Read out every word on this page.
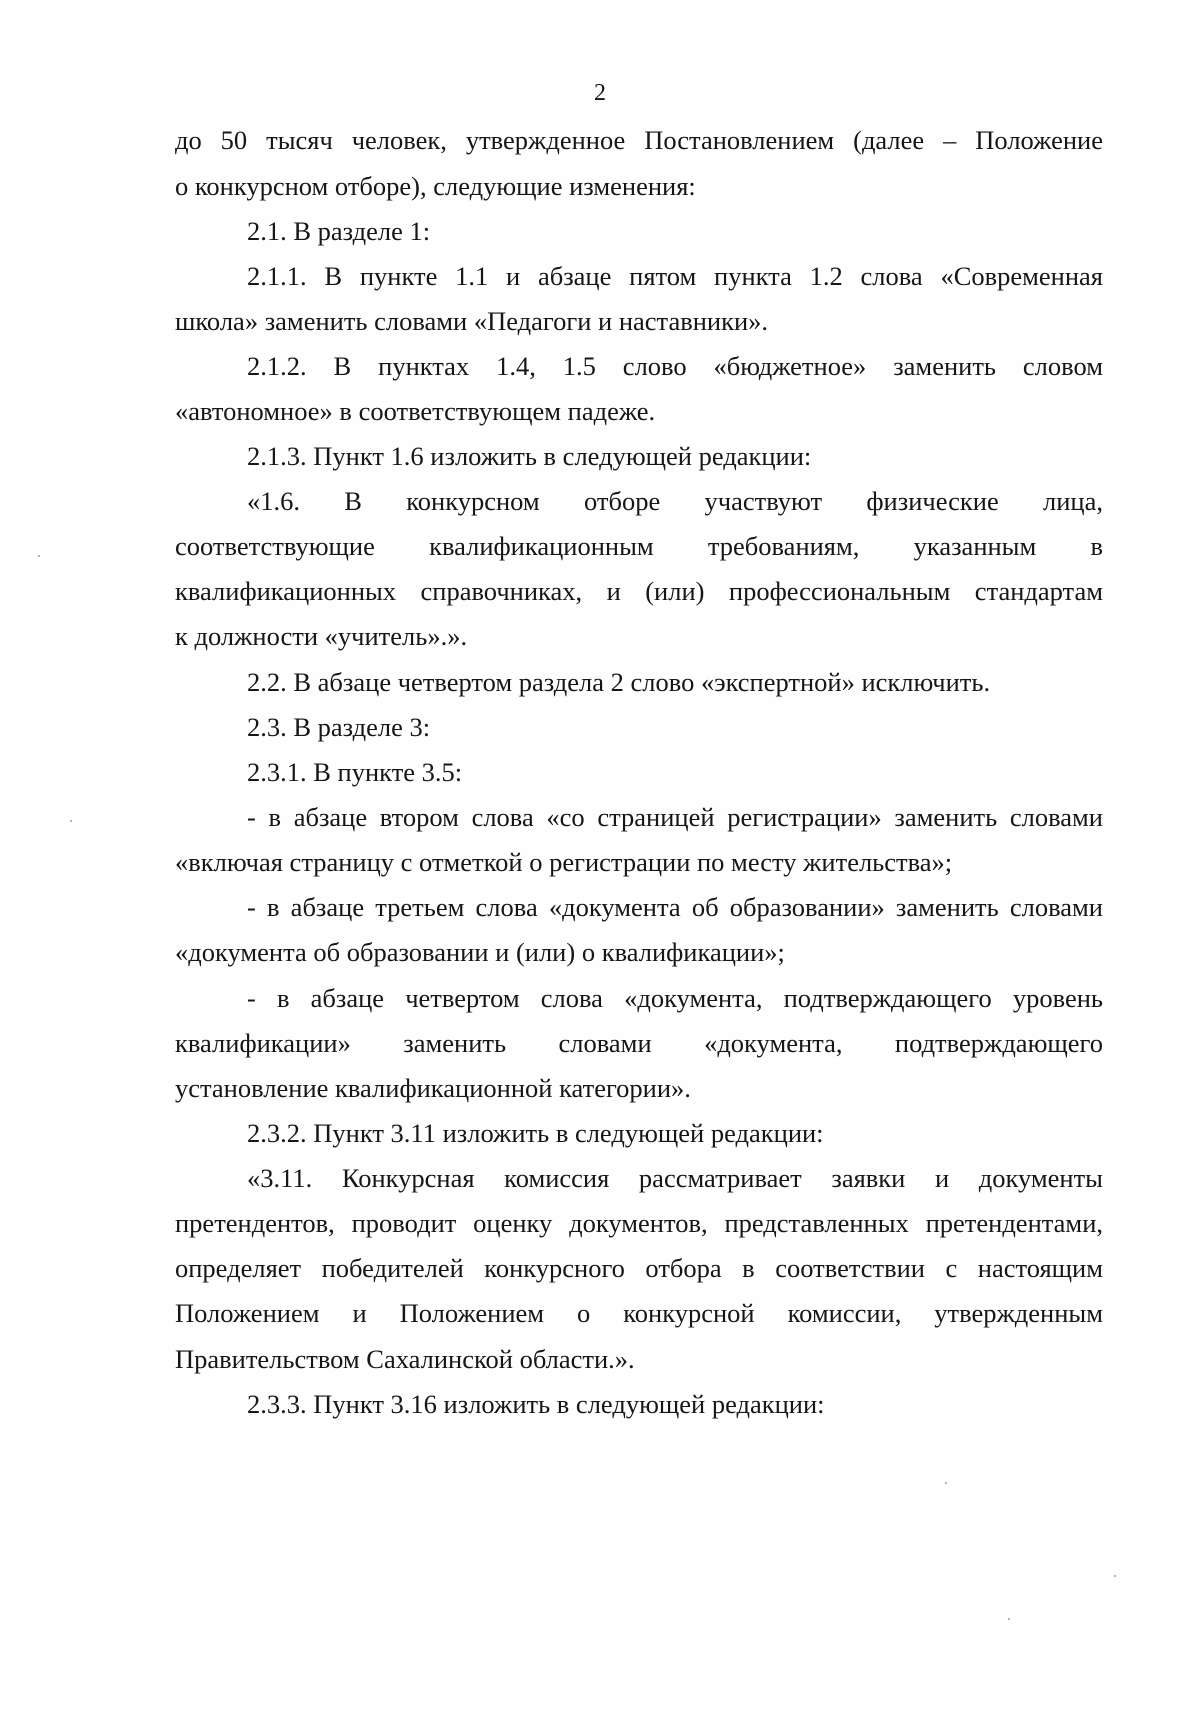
2
до 50 тысяч человек, утвержденное Постановлением (далее – Положение
о конкурсном отборе), следующие изменения:
2.1. В разделе 1:
2.1.1. В пункте 1.1 и абзаце пятом пункта 1.2 слова «Современная
школа» заменить словами «Педагоги и наставники».
2.1.2. В пунктах 1.4, 1.5 слово «бюджетное» заменить словом
«автономное» в соответствующем падеже.
2.1.3. Пункт 1.6 изложить в следующей редакции:
«1.6. В конкурсном отборе участвуют физические лица,
соответствующие квалификационным требованиям, указанным в
квалификационных справочниках, и (или) профессиональным стандартам
к должности «учитель».».
2.2. В абзаце четвертом раздела 2 слово «экспертной» исключить.
2.3. В разделе 3:
2.3.1. В пункте 3.5:
- в абзаце втором слова «со страницей регистрации» заменить словами
«включая страницу с отметкой о регистрации по месту жительства»;
- в абзаце третьем слова «документа об образовании» заменить словами
«документа об образовании и (или) о квалификации»;
- в абзаце четвертом слова «документа, подтверждающего уровень
квалификации» заменить словами «документа, подтверждающего
установление квалификационной категории».
2.3.2. Пункт 3.11 изложить в следующей редакции:
«3.11. Конкурсная комиссия рассматривает заявки и документы
претендентов, проводит оценку документов, представленных претендентами,
определяет победителей конкурсного отбора в соответствии с настоящим
Положением и Положением о конкурсной комиссии, утвержденным
Правительством Сахалинской области.».
2.3.3. Пункт 3.16 изложить в следующей редакции:
